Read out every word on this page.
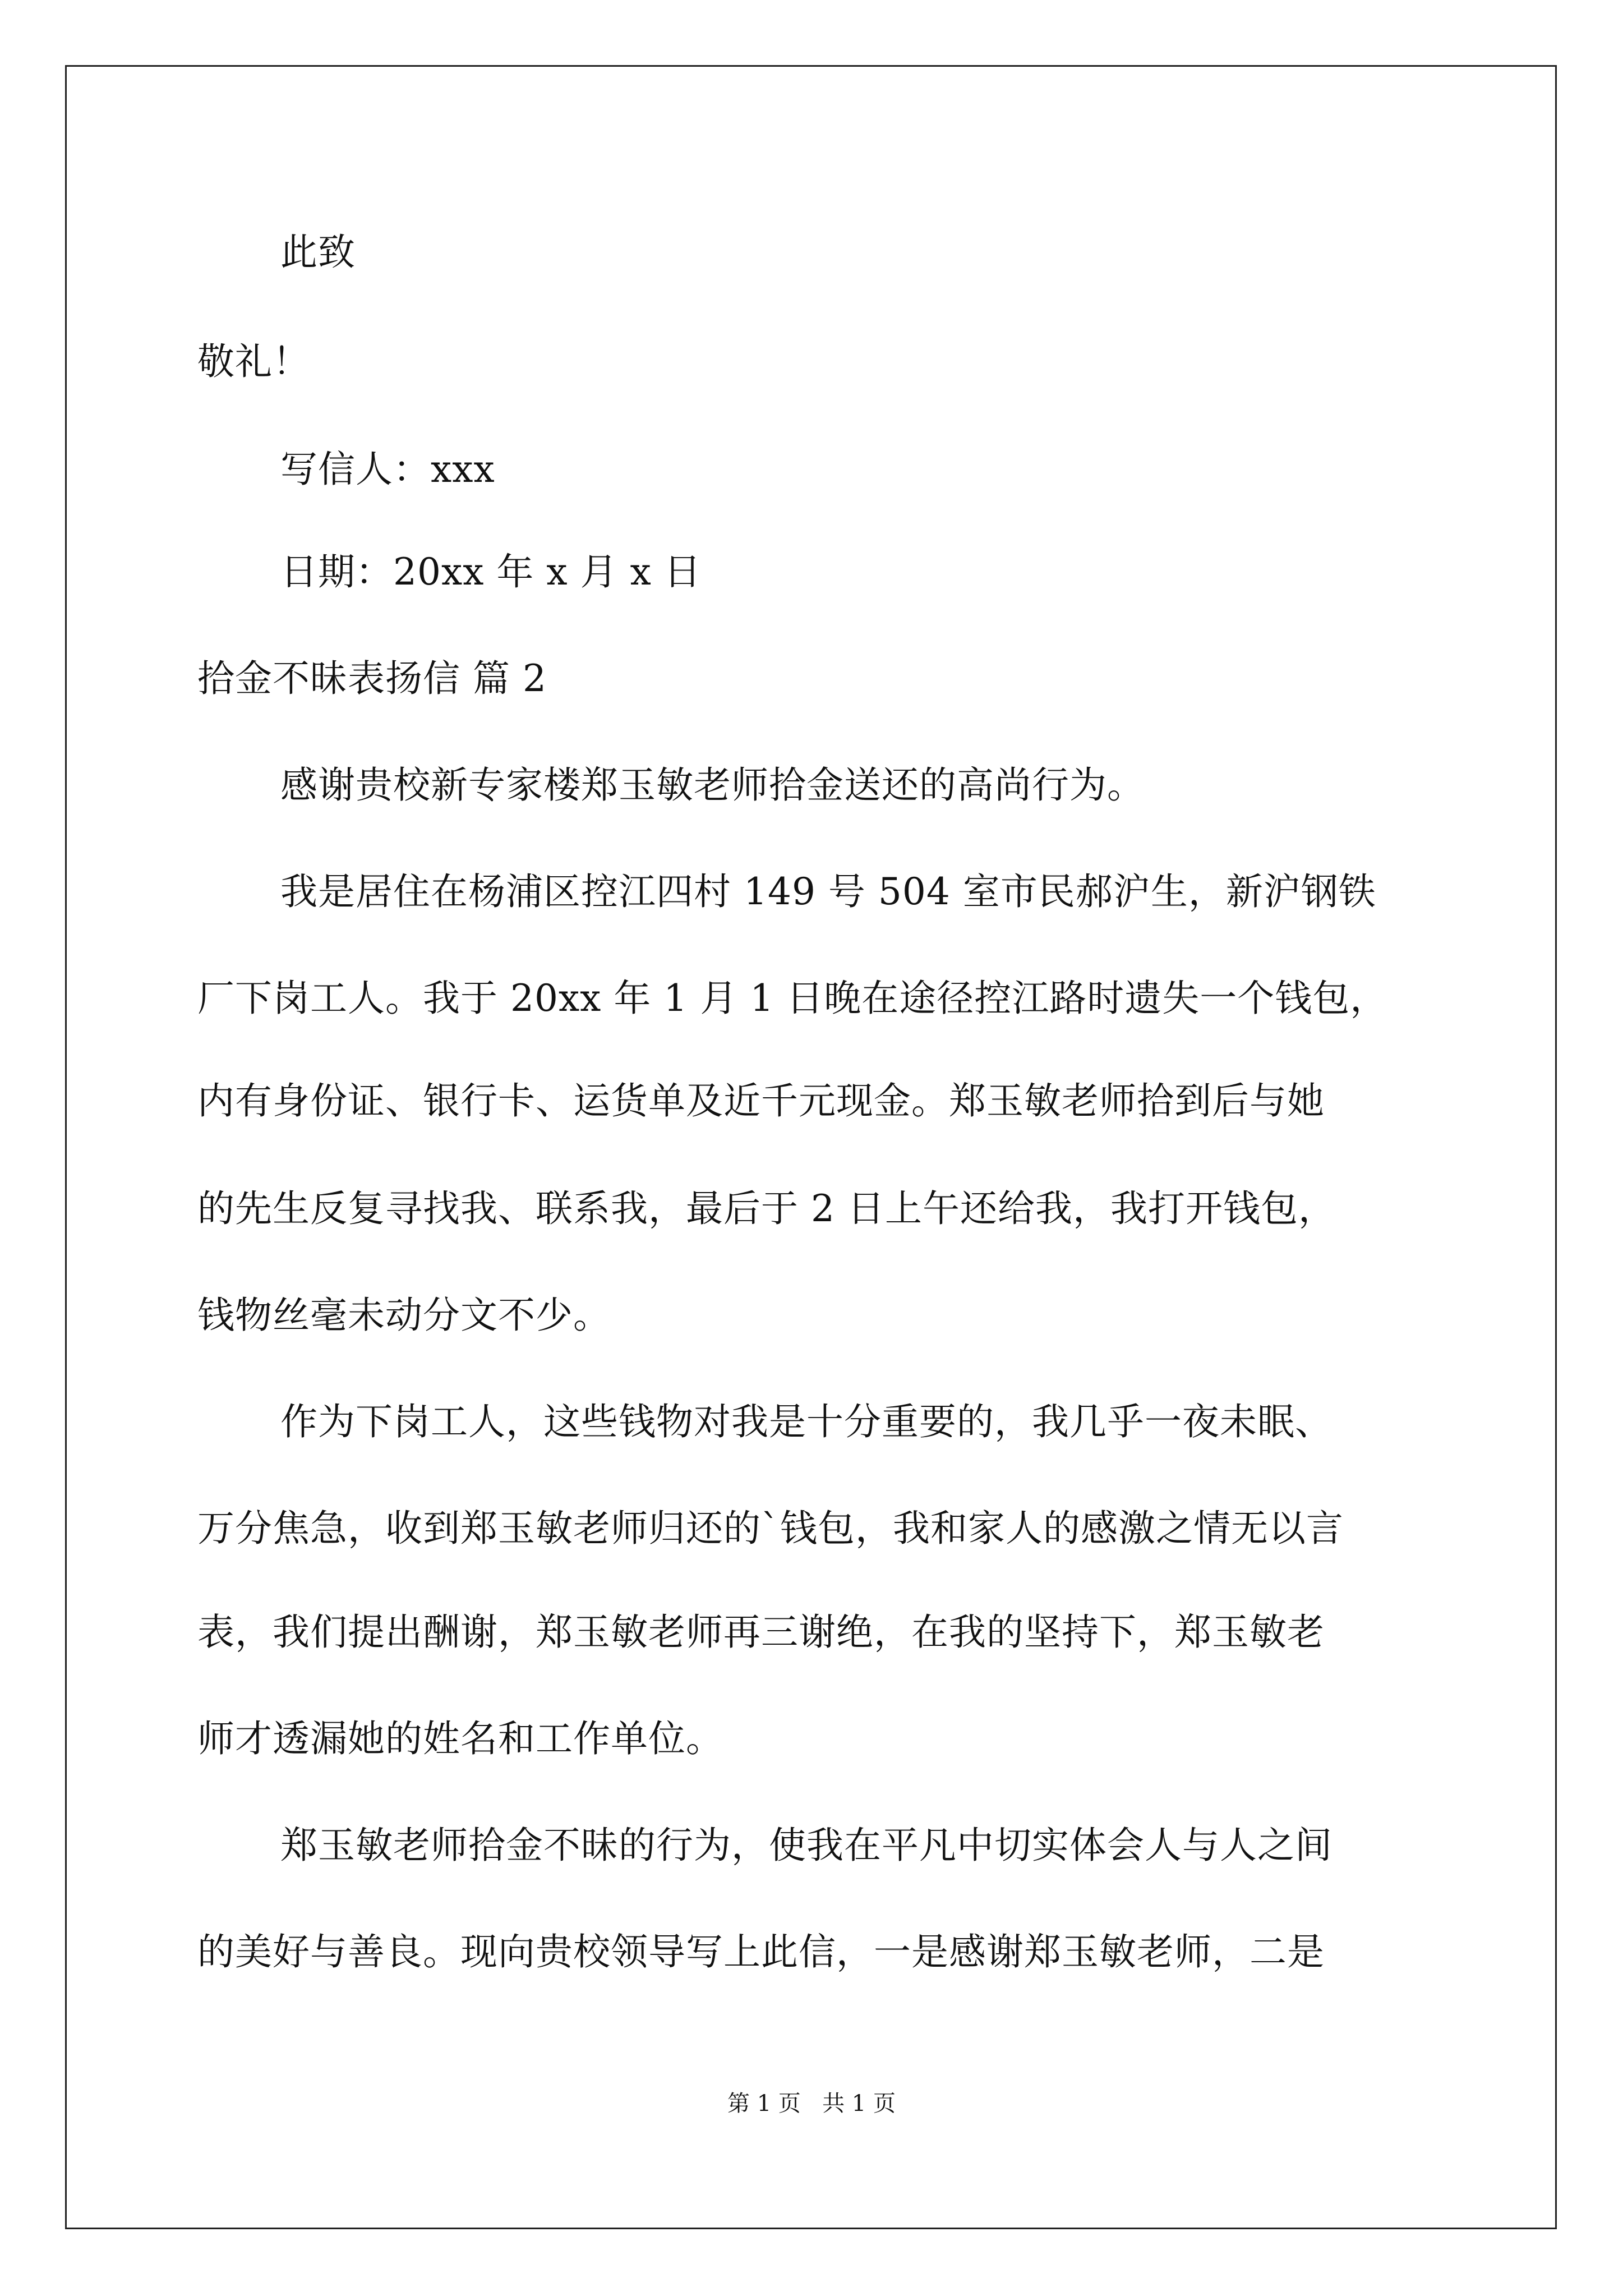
此致
敬礼！
写信人：xxx
日期：20xx 年 x 月 x 日
拾金不昧表扬信 篇 2
感谢贵校新专家楼郑玉敏老师拾金送还的高尚行为。
我是居住在杨浦区控江四村 149 号 504 室市民郝沪生，新沪钢铁
厂下岗工人。我于 20xx 年 1 月 1 日晚在途径控江路时遗失一个钱包，
内有身份证、银行卡、运货单及近千元现金。郑玉敏老师拾到后与她
的先生反复寻找我、联系我，最后于 2 日上午还给我，我打开钱包，
钱物丝毫未动分文不少。
作为下岗工人，这些钱物对我是十分重要的，我几乎一夜未眠、
万分焦急，收到郑玉敏老师归还的`钱包，我和家人的感激之情无以言
表，我们提出酬谢，郑玉敏老师再三谢绝，在我的坚持下，郑玉敏老
师才透漏她的姓名和工作单位。
郑玉敏老师拾金不昧的行为，使我在平凡中切实体会人与人之间
的美好与善良。现向贵校领导写上此信，一是感谢郑玉敏老师，二是
第 1 页   共 1 页
